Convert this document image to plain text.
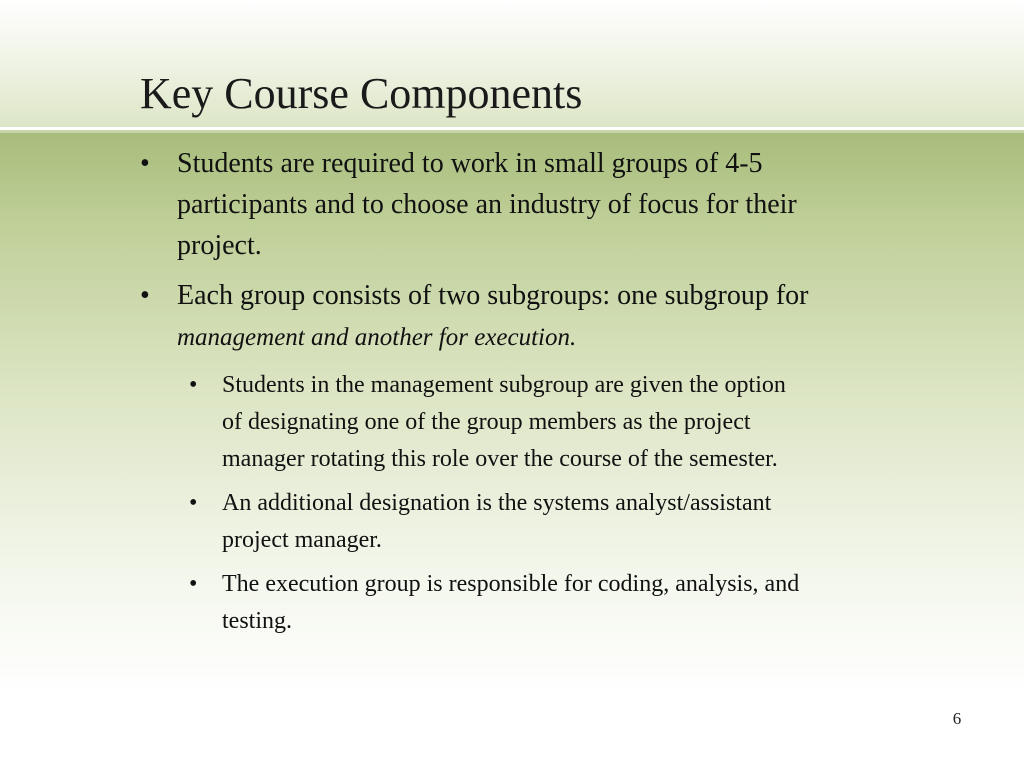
Key Course Components
• Students are required to work in small groups of 4-5 participants and to choose an industry of focus for their project.
• Each group consists of two subgroups: one subgroup for management and another for execution.
• Students in the management subgroup are given the option of designating one of the group members as the project manager rotating this role over the course of the semester.
• An additional designation is the systems analyst/assistant project manager.
• The execution group is responsible for coding, analysis, and testing.
6
